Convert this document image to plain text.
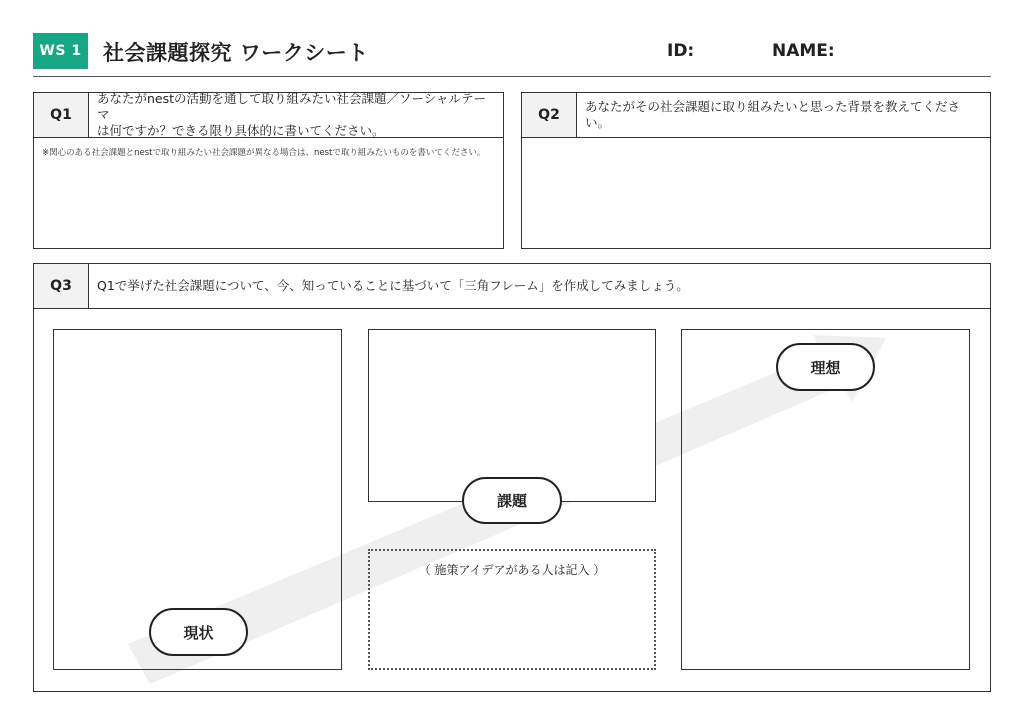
WS 1	社会課題探究 ワークシート	ID:	NAME:
Q1
あなたがnestの活動を通して取り組みたい社会課題／ソーシャルテーマ
は何ですか？できる限り具体的に書いてください。
※関心のある社会課題とnestで取り組みたい社会課題が異なる場合は、nestで取り組みたいものを書いてください。
Q2
あなたがその社会課題に取り組みたいと思った背景を教えてください。
Q3	Q1で挙げた社会課題について、今、知っていることに基づいて「三角フレーム」を作成してみましょう。
（ 施策アイデアがある人は記入 ）
現状
課題
理想
